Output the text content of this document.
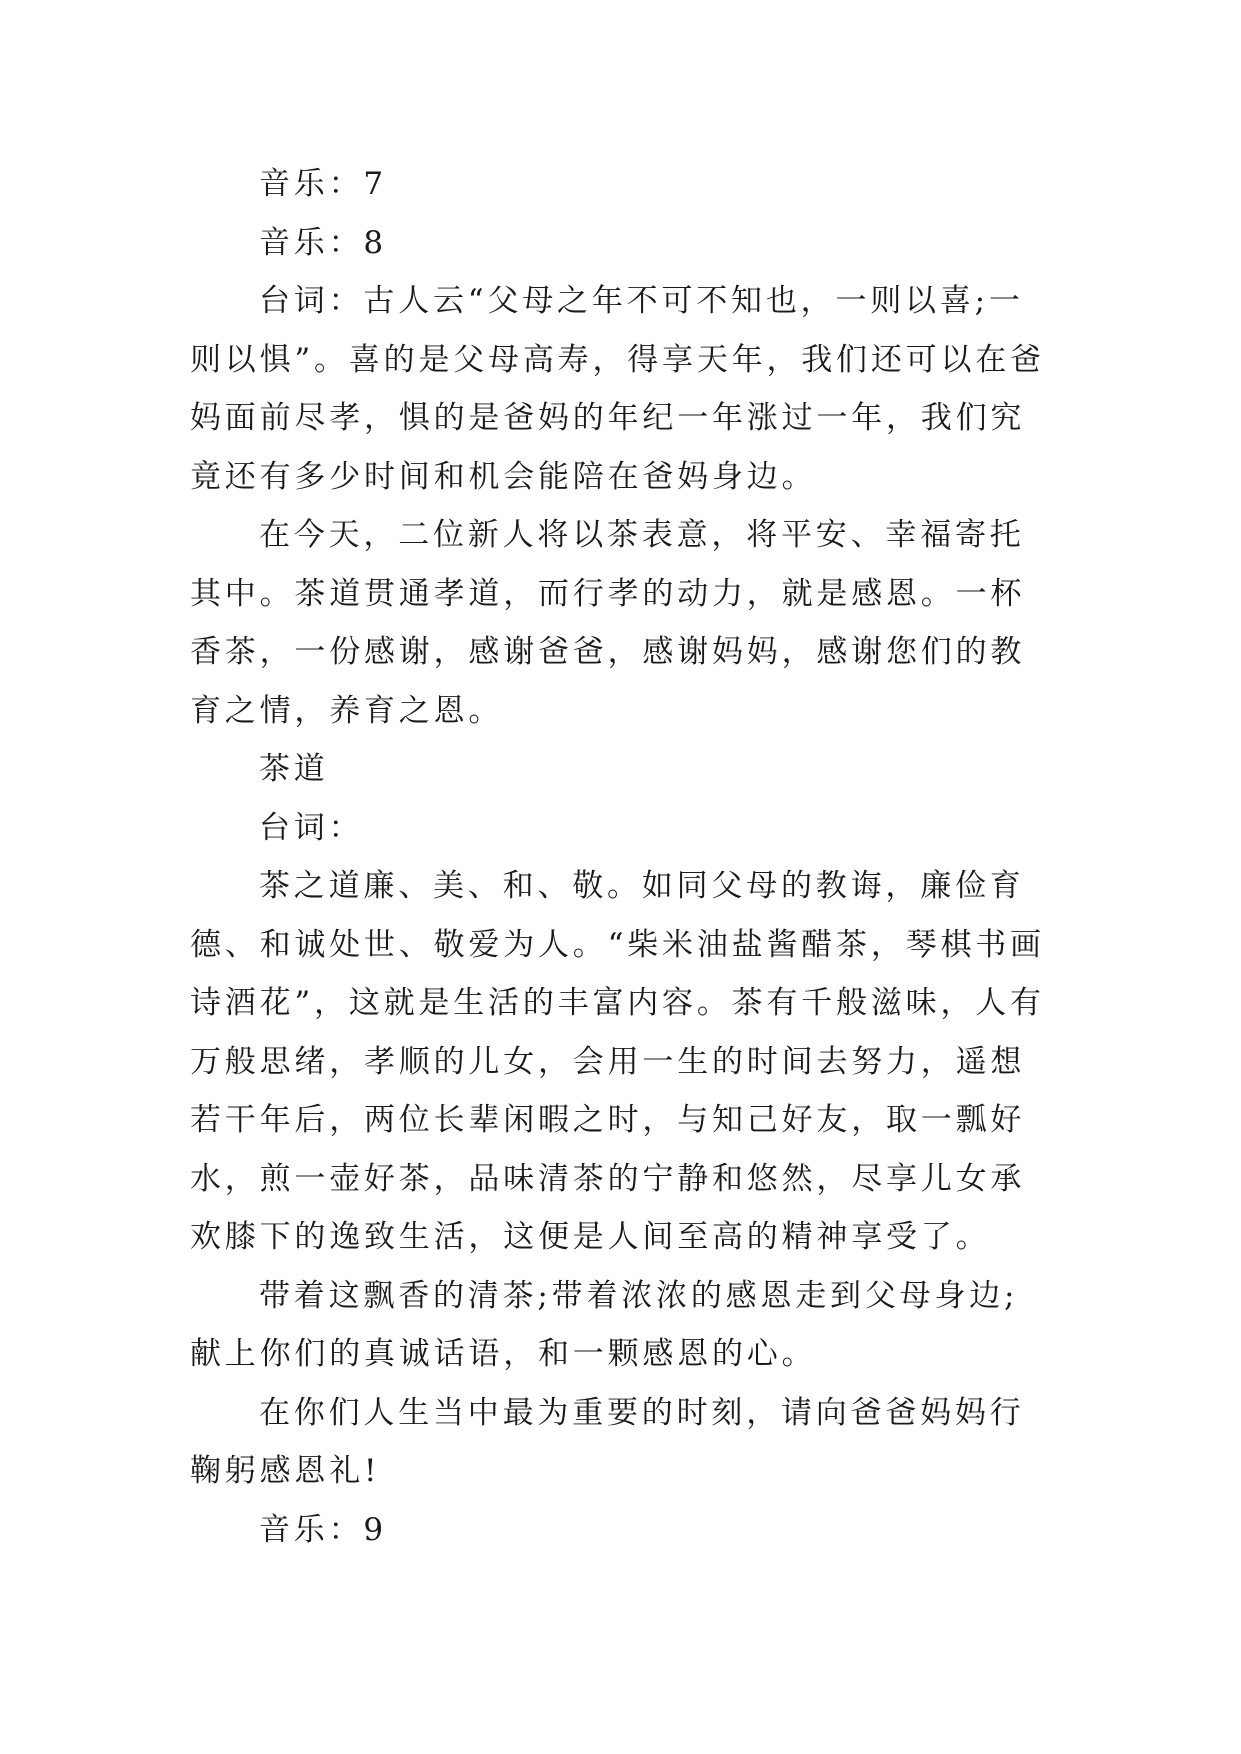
音乐：7

音乐：8

台词：古人云“父母之年不可不知也，一则以喜;一则以惧”。喜的是父母高寿，得享天年，我们还可以在爸妈面前尽孝，惧的是爸妈的年纪一年涨过一年，我们究竟还有多少时间和机会能陪在爸妈身边。

在今天，二位新人将以茶表意，将平安、幸福寄托其中。茶道贯通孝道，而行孝的动力，就是感恩。一杯香茶，一份感谢，感谢爸爸，感谢妈妈，感谢您们的教育之情，养育之恩。

茶道

台词：

茶之道廉、美、和、敬。如同父母的教诲，廉俭育德、和诚处世、敬爱为人。“柴米油盐酱醋茶，琴棋书画诗酒花”，这就是生活的丰富内容。茶有千般滋味，人有万般思绪，孝顺的儿女，会用一生的时间去努力，遥想若干年后，两位长辈闲暇之时，与知己好友，取一瓢好水，煎一壶好茶，品味清茶的宁静和悠然，尽享儿女承欢膝下的逸致生活，这便是人间至高的精神享受了。

带着这飘香的清茶;带着浓浓的感恩走到父母身边;献上你们的真诚话语，和一颗感恩的心。

在你们人生当中最为重要的时刻，请向爸爸妈妈行鞠躬感恩礼!

音乐：9
